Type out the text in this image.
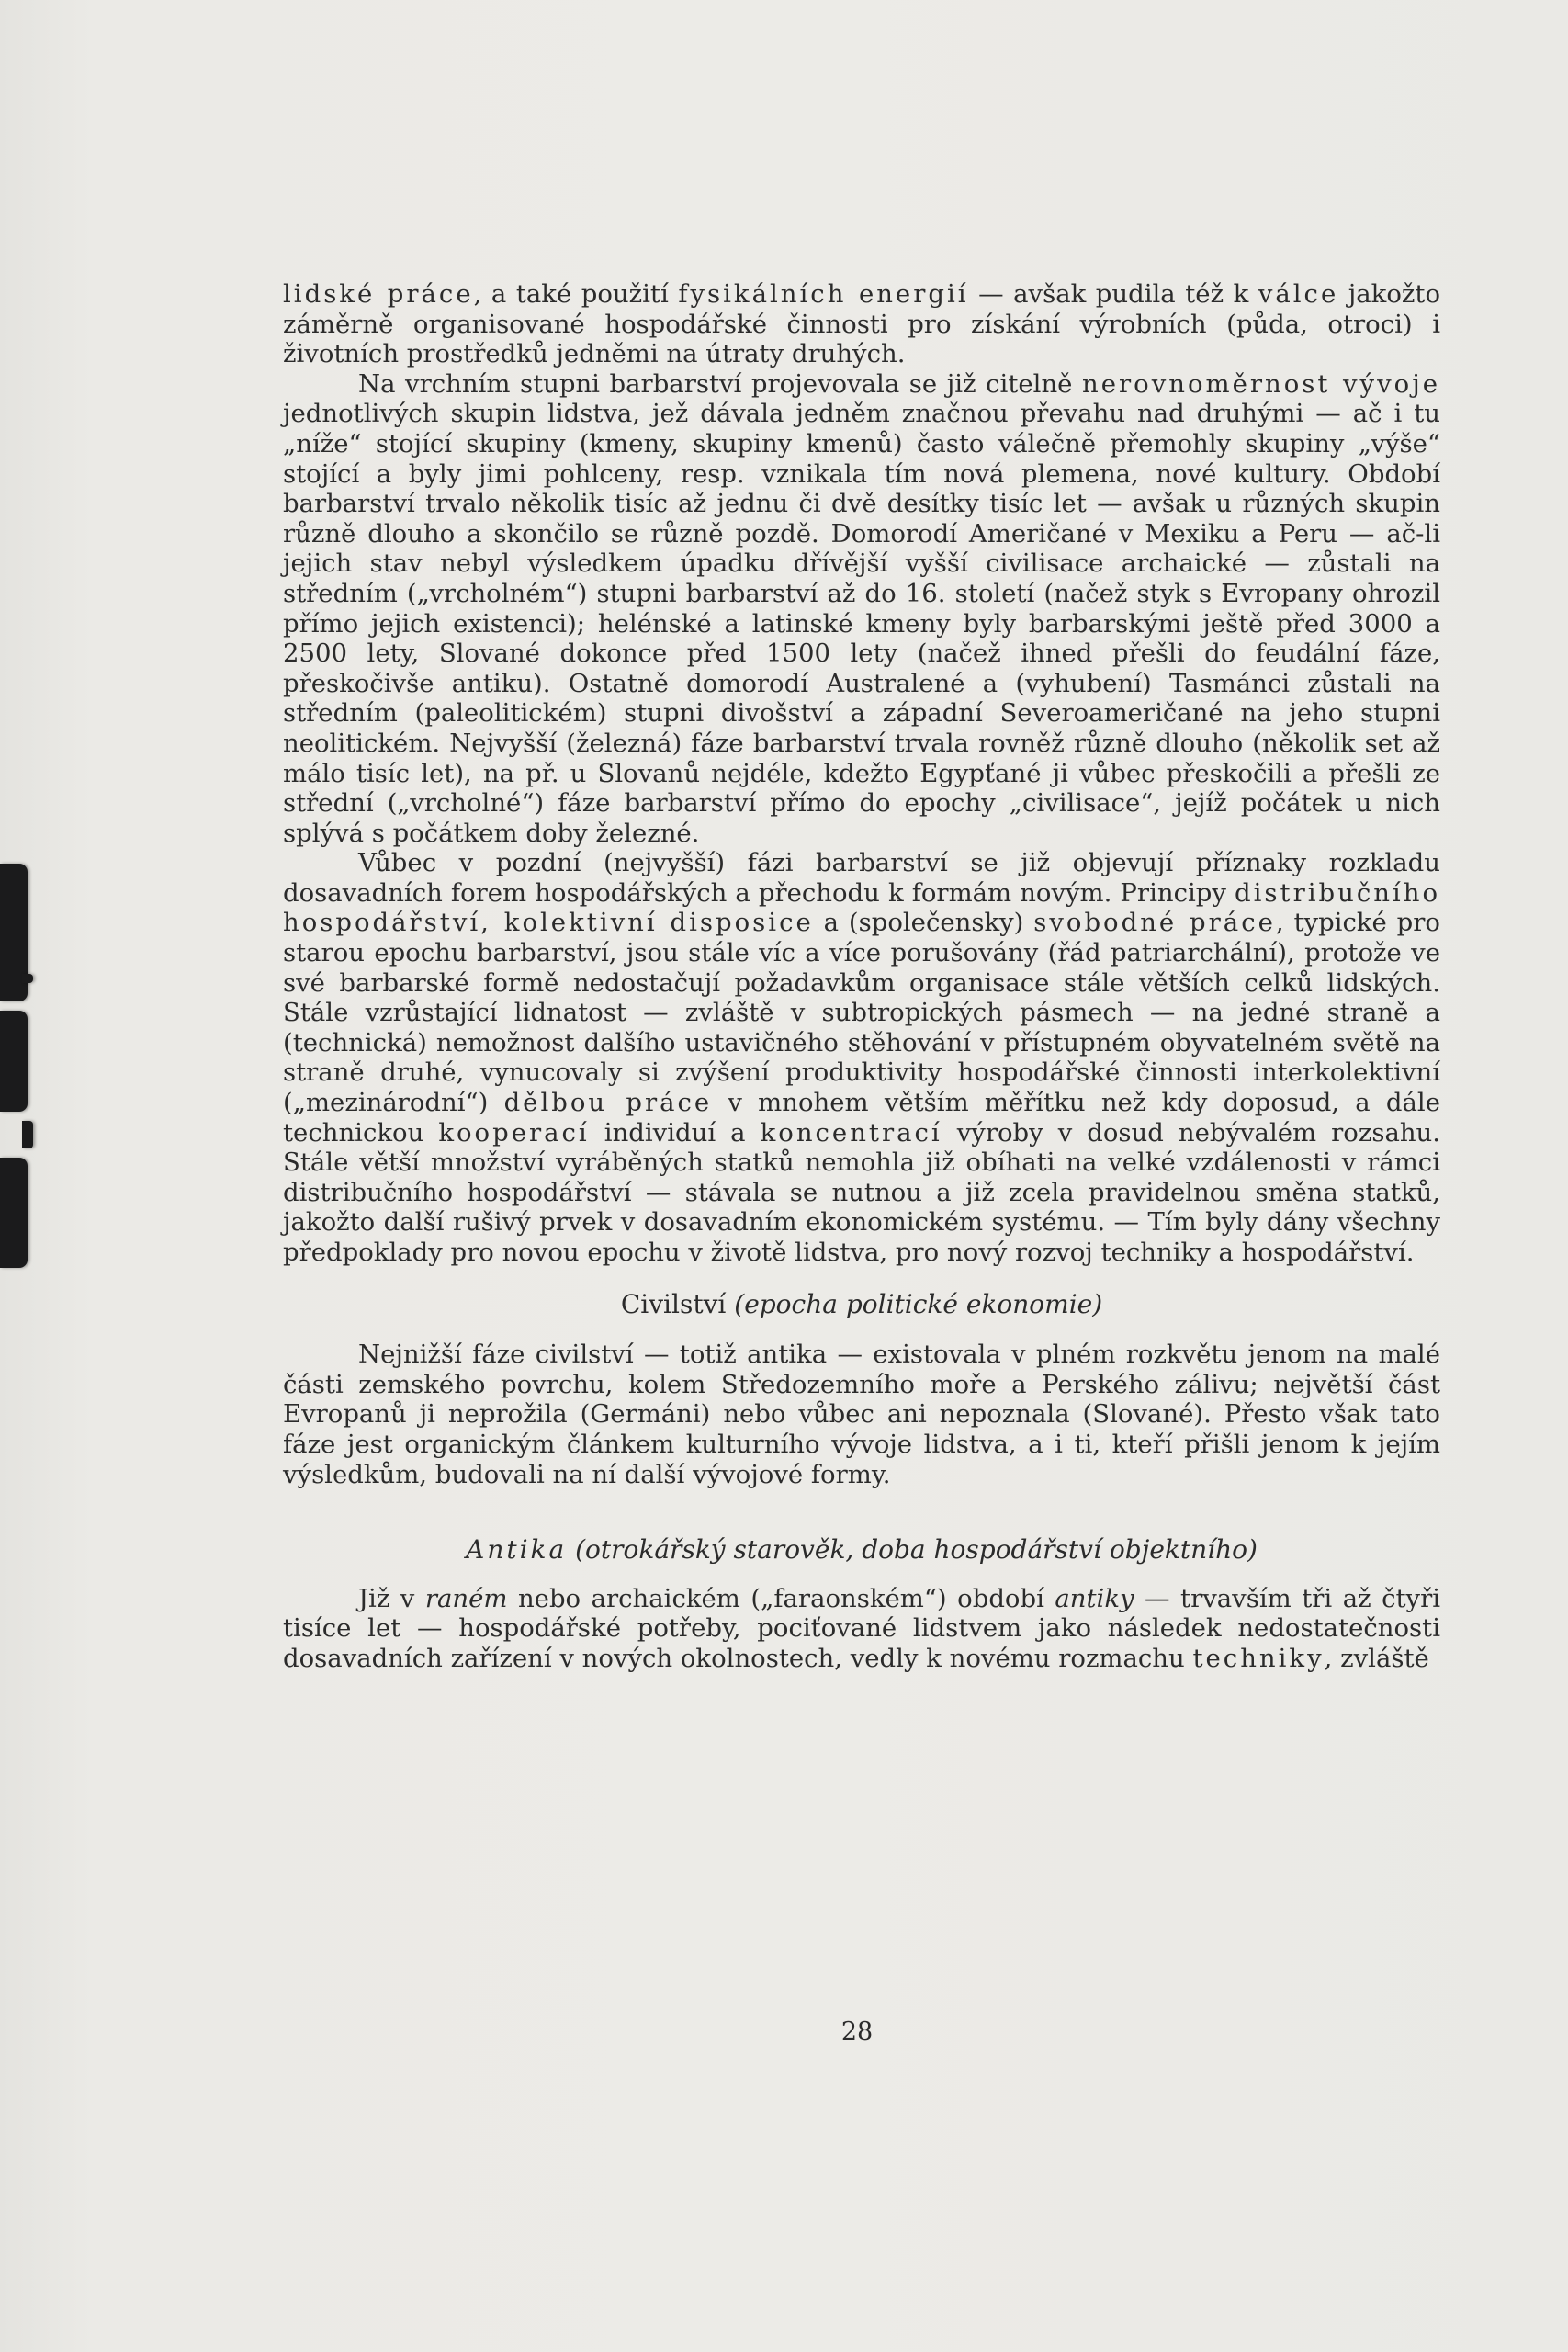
lidské práce, a také použití fysikálních energií — avšak pudila též k válce jakožto záměrně organisované hospodářské činnosti pro získání výrobních (půda, otroci) i životních prostředků jedněmi na útraty druhých.

Na vrchním stupni barbarství projevovala se již citelně nerovnoměrnost vývoje jednotlivých skupin lidstva, jež dávala jedněm značnou převahu nad druhými — ač i tu „níže“ stojící skupiny (kmeny, skupiny kmenů) často válečně přemohly skupiny „výše“ stojící a byly jimi pohlceny, resp. vznikala tím nová plemena, nové kultury. Období barbarství trvalo několik tisíc až jednu či dvě desítky tisíc let — avšak u různých skupin různě dlouho a skončilo se různě pozdě. Domorodí Američané v Mexiku a Peru — ač-li jejich stav nebyl výsledkem úpadku dřívější vyšší civilisace archaické — zůstali na středním („vrcholném“) stupni barbarství až do 16. století (načež styk s Evropany ohrozil přímo jejich existenci); helénské a latinské kmeny byly barbarskými ještě před 3000 a 2500 lety, Slované dokonce před 1500 lety (načež ihned přešli do feudální fáze, přeskočivše antiku). Ostatně domorodí Australené a (vyhubení) Tasmánci zůstali na středním (paleolitickém) stupni divošství a západní Severoameričané na jeho stupni neolitickém. Nejvyšší (železná) fáze barbarství trvala rovněž různě dlouho (několik set až málo tisíc let), na př. u Slovanů nejdéle, kdežto Egypťané ji vůbec přeskočili a přešli ze střední („vrcholné“) fáze barbarství přímo do epochy „civilisace“, jejíž počátek u nich splývá s počátkem doby železné.

Vůbec v pozdní (nejvyšší) fázi barbarství se již objevují příznaky rozkladu dosavadních forem hospodářských a přechodu k formám novým. Principy distribučního hospodářství, kolektivní disposice a (společensky) svobodné práce, typické pro starou epochu barbarství, jsou stále víc a více porušovány (řád patriarchální), protože ve své barbarské formě nedostačují požadavkům organisace stále větších celků lidských. Stále vzrůstající lidnatost — zvláště v subtropických pásmech — na jedné straně a (technická) nemožnost dalšího ustavičného stěhování v přístupném obyvatelném světě na straně druhé, vynucovaly si zvýšení produktivity hospodářské činnosti interkolektivní („mezinárodní“) dělbou práce v mnohem větším měřítku než kdy doposud, a dále technickou kooperací individuí a koncentrací výroby v dosud nebývalém rozsahu. Stále větší množství vyráběných statků nemohla již obíhati na velké vzdálenosti v rámci distribučního hospodářství — stávala se nutnou a již zcela pravidelnou směna statků, jakožto další rušivý prvek v dosavadním ekonomickém systému. — Tím byly dány všechny předpoklady pro novou epochu v životě lidstva, pro nový rozvoj techniky a hospodářství.

Civilství (epocha politické ekonomie)

Nejnižší fáze civilství — totiž antika — existovala v plném rozkvětu jenom na malé části zemského povrchu, kolem Středozemního moře a Perského zálivu; největší část Evropanů ji neprožila (Germáni) nebo vůbec ani nepoznala (Slované). Přesto však tato fáze jest organickým článkem kulturního vývoje lidstva, a i ti, kteří přišli jenom k jejím výsledkům, budovali na ní další vývojové formy.

Antika (otrokářský starověk, doba hospodářství objektního)

Již v raném nebo archaickém („faraonském“) období antiky — trvavším tři až čtyři tisíce let — hospodářské potřeby, pociťované lidstvem jako následek nedostatečnosti dosavadních zařízení v nových okolnostech, vedly k novému rozmachu techniky, zvláště

28
